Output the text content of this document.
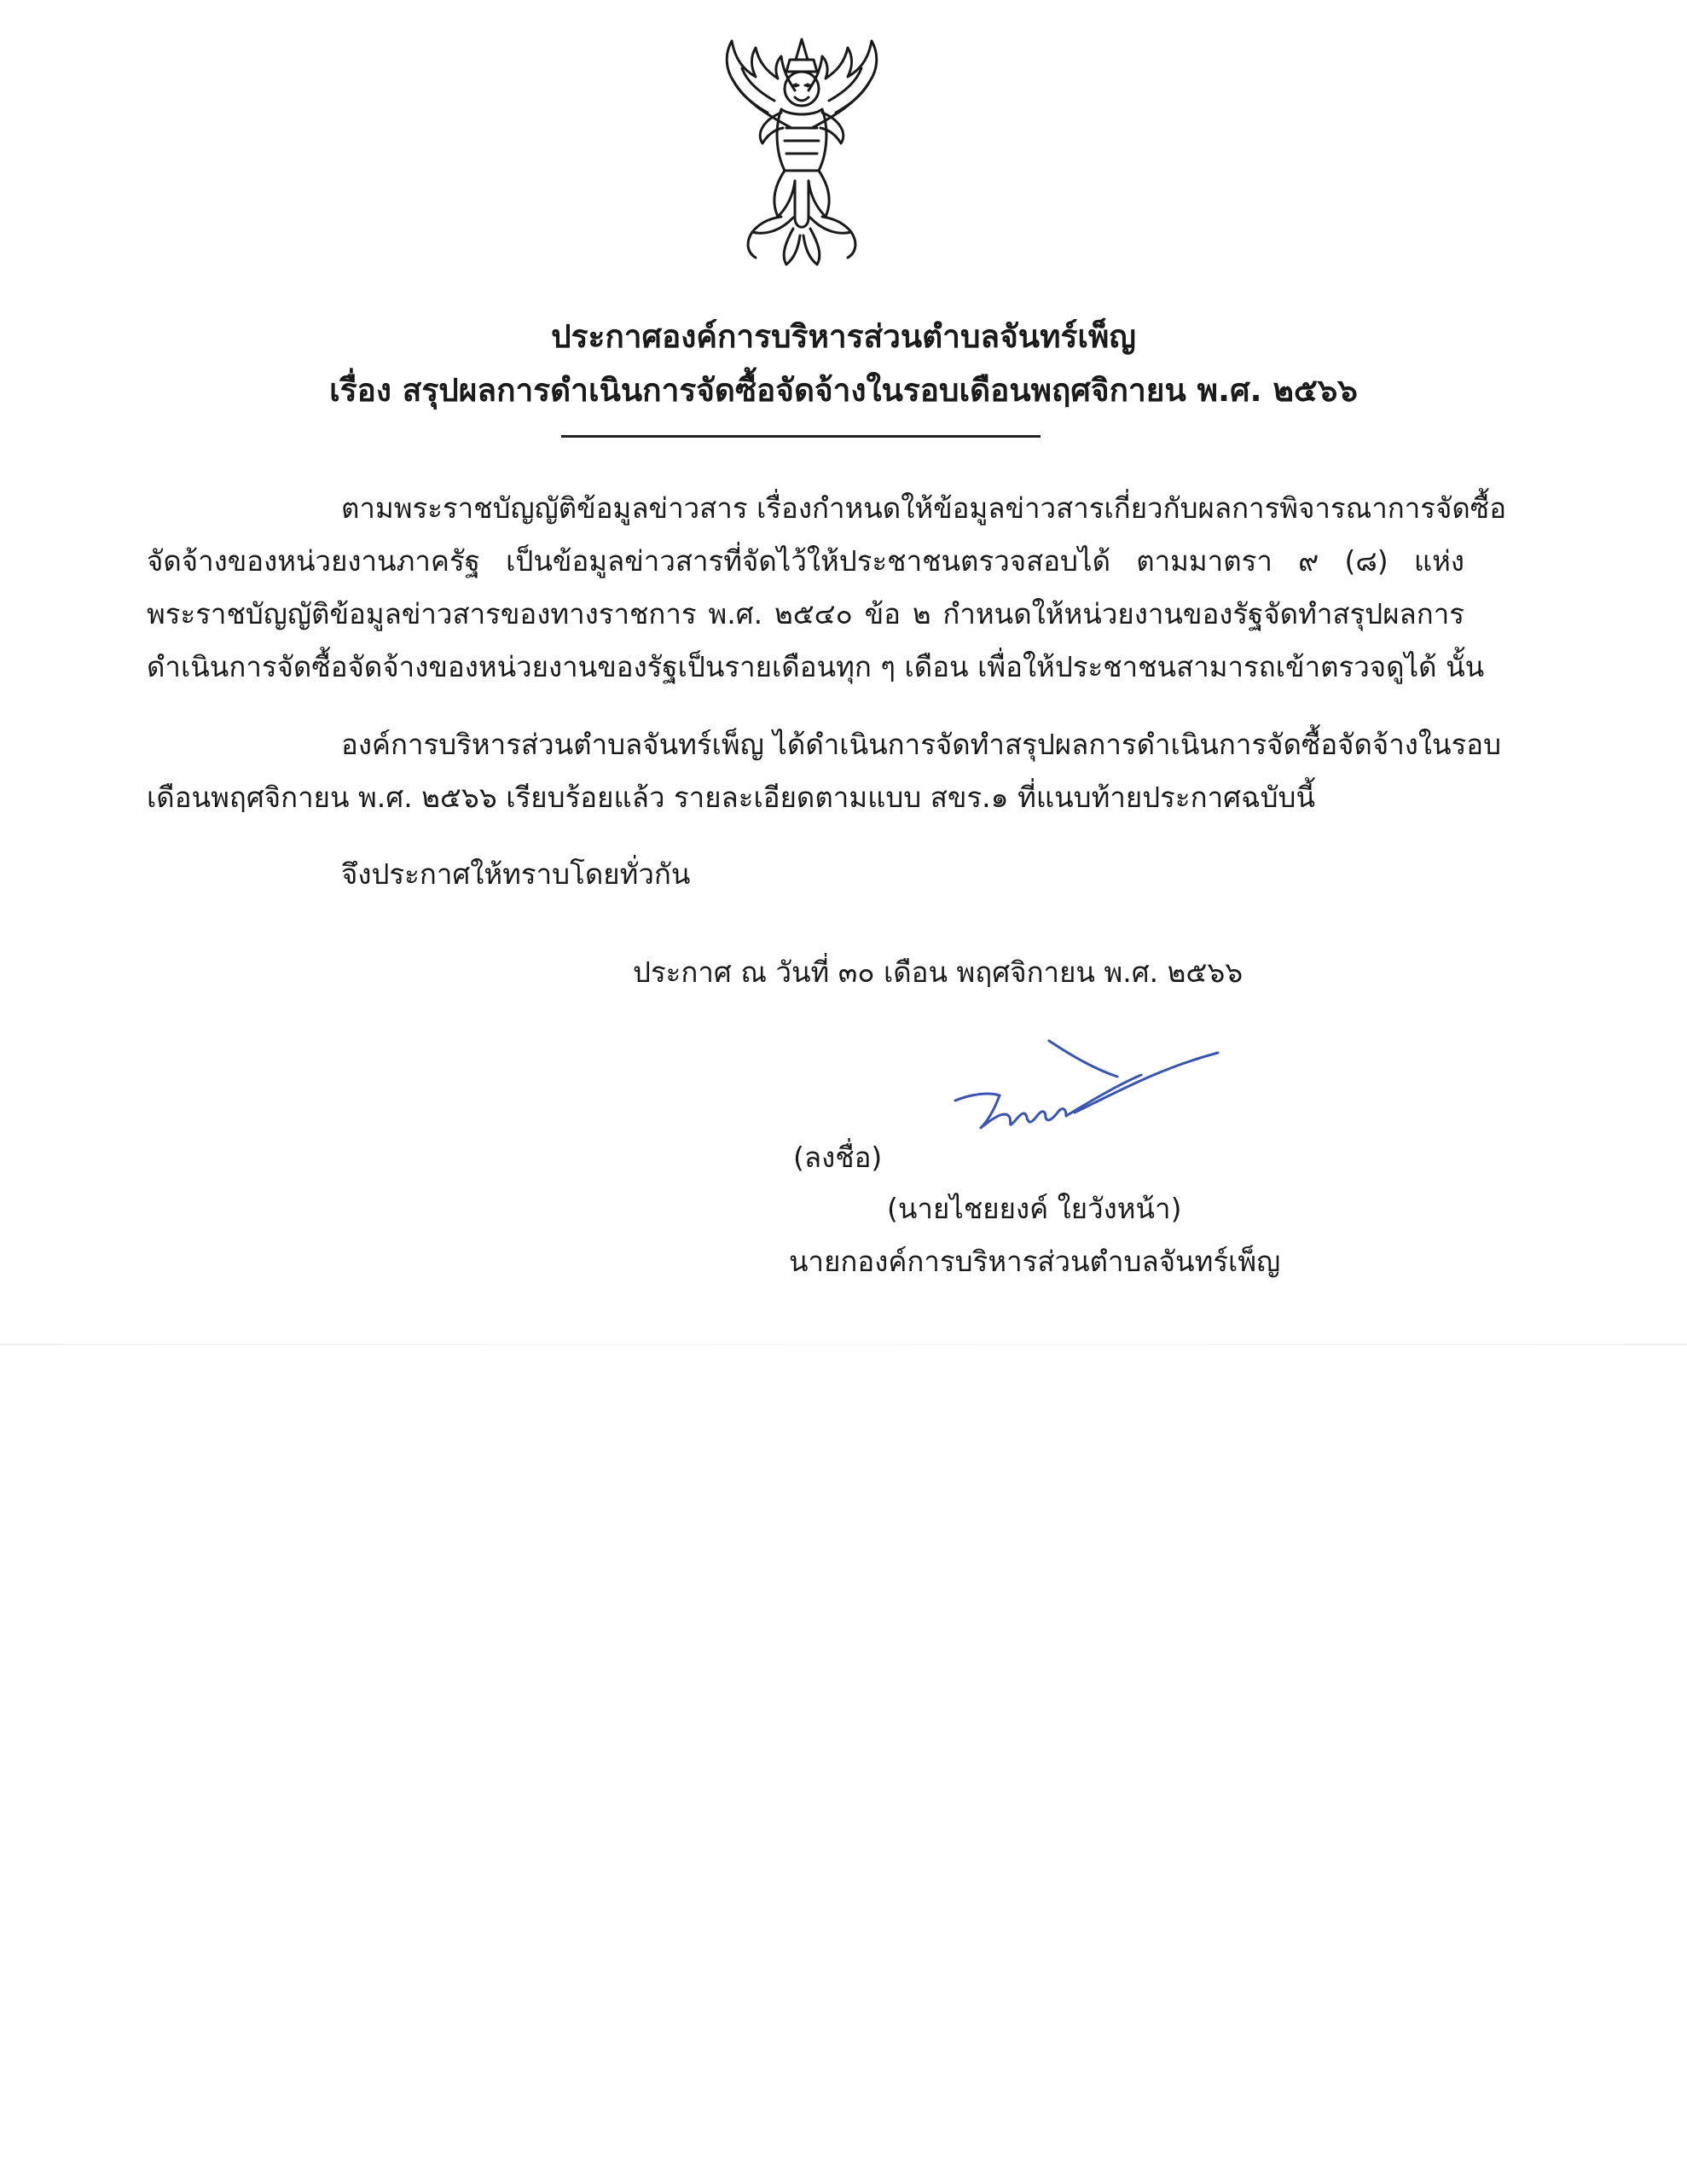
ประกาศองค์การบริหารส่วนตำบลจันทร์เพ็ญ
เรื่อง สรุปผลการดำเนินการจัดซื้อจัดจ้างในรอบเดือนพฤศจิกายน พ.ศ. ๒๕๖๖
ตามพระราชบัญญัติข้อมูลข่าวสาร เรื่องกำหนดให้ข้อมูลข่าวสารเกี่ยวกับผลการพิจารณาการจัดซื้อ
จัดจ้างของหน่วยงานภาครัฐ เป็นข้อมูลข่าวสารที่จัดไว้ให้ประชาชนตรวจสอบได้ ตามมาตรา ๙ (๘) แห่ง
พระราชบัญญัติข้อมูลข่าวสารของทางราชการ พ.ศ. ๒๕๔๐ ข้อ ๒ กำหนดให้หน่วยงานของรัฐจัดทำสรุปผลการ
ดำเนินการจัดซื้อจัดจ้างของหน่วยงานของรัฐเป็นรายเดือนทุก ๆ เดือน เพื่อให้ประชาชนสามารถเข้าตรวจดูได้ นั้น
องค์การบริหารส่วนตำบลจันทร์เพ็ญ ได้ดำเนินการจัดทำสรุปผลการดำเนินการจัดซื้อจัดจ้างในรอบ
เดือนพฤศจิกายน พ.ศ. ๒๕๖๖ เรียบร้อยแล้ว รายละเอียดตามแบบ สขร.๑ ที่แนบท้ายประกาศฉบับนี้
จึงประกาศให้ทราบโดยทั่วกัน
ประกาศ ณ วันที่ ๓๐ เดือน พฤศจิกายน พ.ศ. ๒๕๖๖
(ลงชื่อ)
(นายไชยยงค์ ใยวังหน้า)
นายกองค์การบริหารส่วนตำบลจันทร์เพ็ญ
